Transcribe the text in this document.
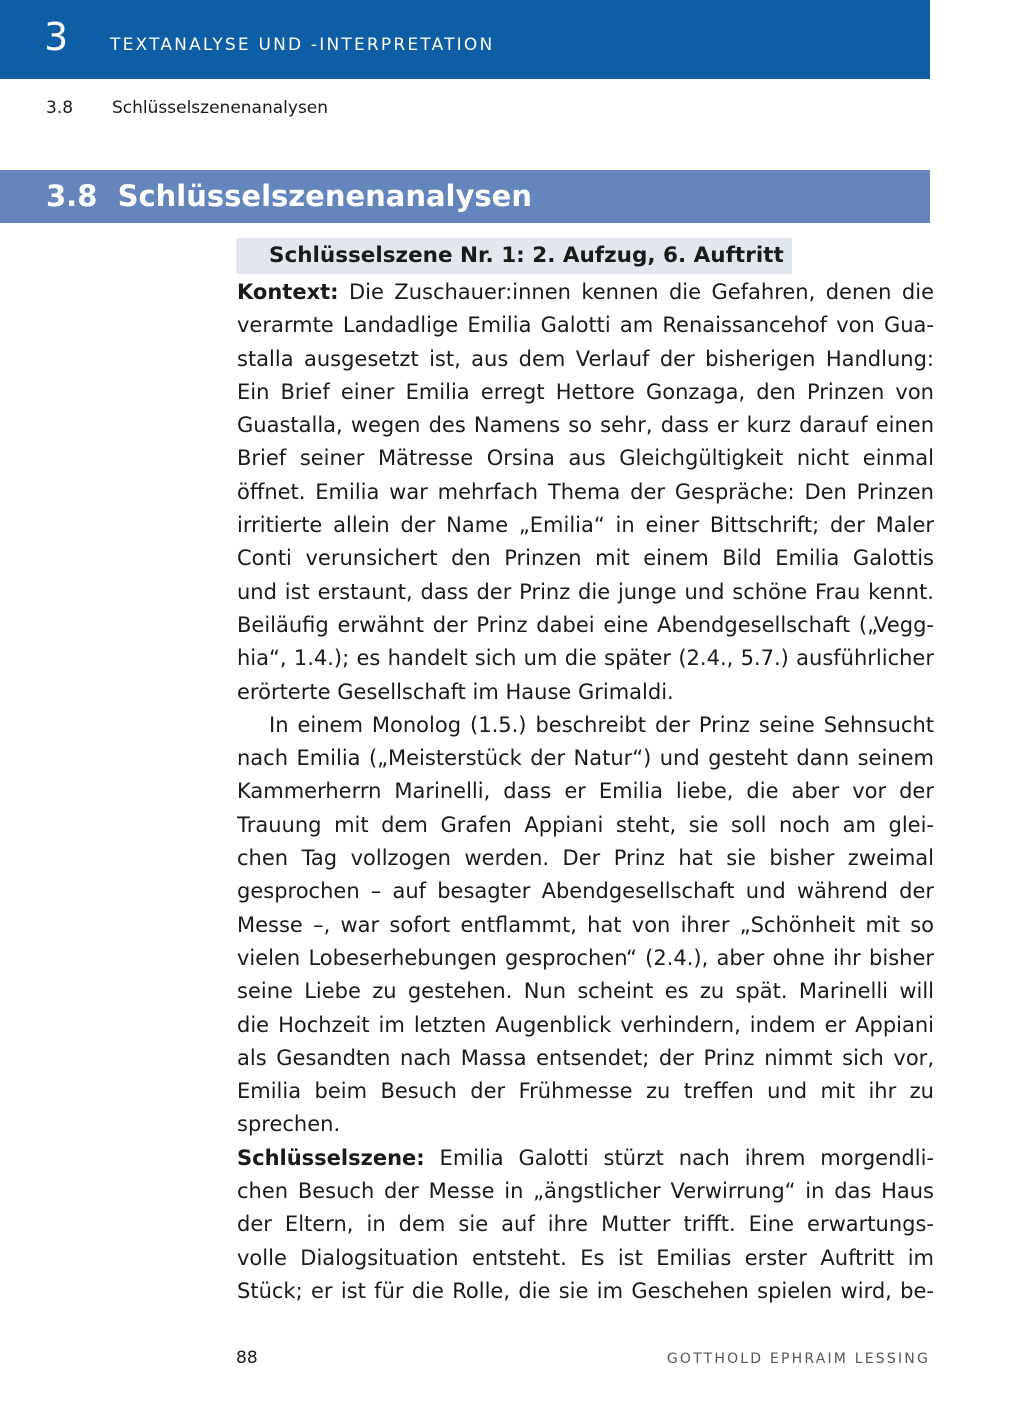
3 TEXTANALYSE UND -INTERPRETATION
3.8 Schlüsselszenenanalysen
3.8  Schlüsselszenenanalysen
Schlüsselszene Nr. 1: 2. Aufzug, 6. Auftritt
Kontext: Die Zuschauer:innen kennen die Gefahren, denen die
verarmte Landadlige Emilia Galotti am Renaissancehof von Gua-
stalla ausgesetzt ist, aus dem Verlauf der bisherigen Handlung:
Ein Brief einer Emilia erregt Hettore Gonzaga, den Prinzen von
Guastalla, wegen des Namens so sehr, dass er kurz darauf einen
Brief seiner Mätresse Orsina aus Gleichgültigkeit nicht einmal
öffnet. Emilia war mehrfach Thema der Gespräche: Den Prinzen
irritierte allein der Name „Emilia“ in einer Bittschrift; der Maler
Conti verunsichert den Prinzen mit einem Bild Emilia Galottis
und ist erstaunt, dass der Prinz die junge und schöne Frau kennt.
Beiläufig erwähnt der Prinz dabei eine Abendgesellschaft („Vegg-
hia“, 1.4.); es handelt sich um die später (2.4., 5.7.) ausführlicher
erörterte Gesellschaft im Hause Grimaldi.
In einem Monolog (1.5.) beschreibt der Prinz seine Sehnsucht
nach Emilia („Meisterstück der Natur“) und gesteht dann seinem
Kammerherrn Marinelli, dass er Emilia liebe, die aber vor der
Trauung mit dem Grafen Appiani steht, sie soll noch am glei-
chen Tag vollzogen werden. Der Prinz hat sie bisher zweimal
gesprochen – auf besagter Abendgesellschaft und während der
Messe –, war sofort entflammt, hat von ihrer „Schönheit mit so
vielen Lobeserhebungen gesprochen“ (2.4.), aber ohne ihr bisher
seine Liebe zu gestehen. Nun scheint es zu spät. Marinelli will
die Hochzeit im letzten Augenblick verhindern, indem er Appiani
als Gesandten nach Massa entsendet; der Prinz nimmt sich vor,
Emilia beim Besuch der Frühmesse zu treffen und mit ihr zu
sprechen.
Schlüsselszene: Emilia Galotti stürzt nach ihrem morgendli-
chen Besuch der Messe in „ängstlicher Verwirrung“ in das Haus
der Eltern, in dem sie auf ihre Mutter trifft. Eine erwartungs-
volle Dialogsituation entsteht. Es ist Emilias erster Auftritt im
Stück; er ist für die Rolle, die sie im Geschehen spielen wird, be-
88	GOTTHOLD EPHRAIM LESSING
